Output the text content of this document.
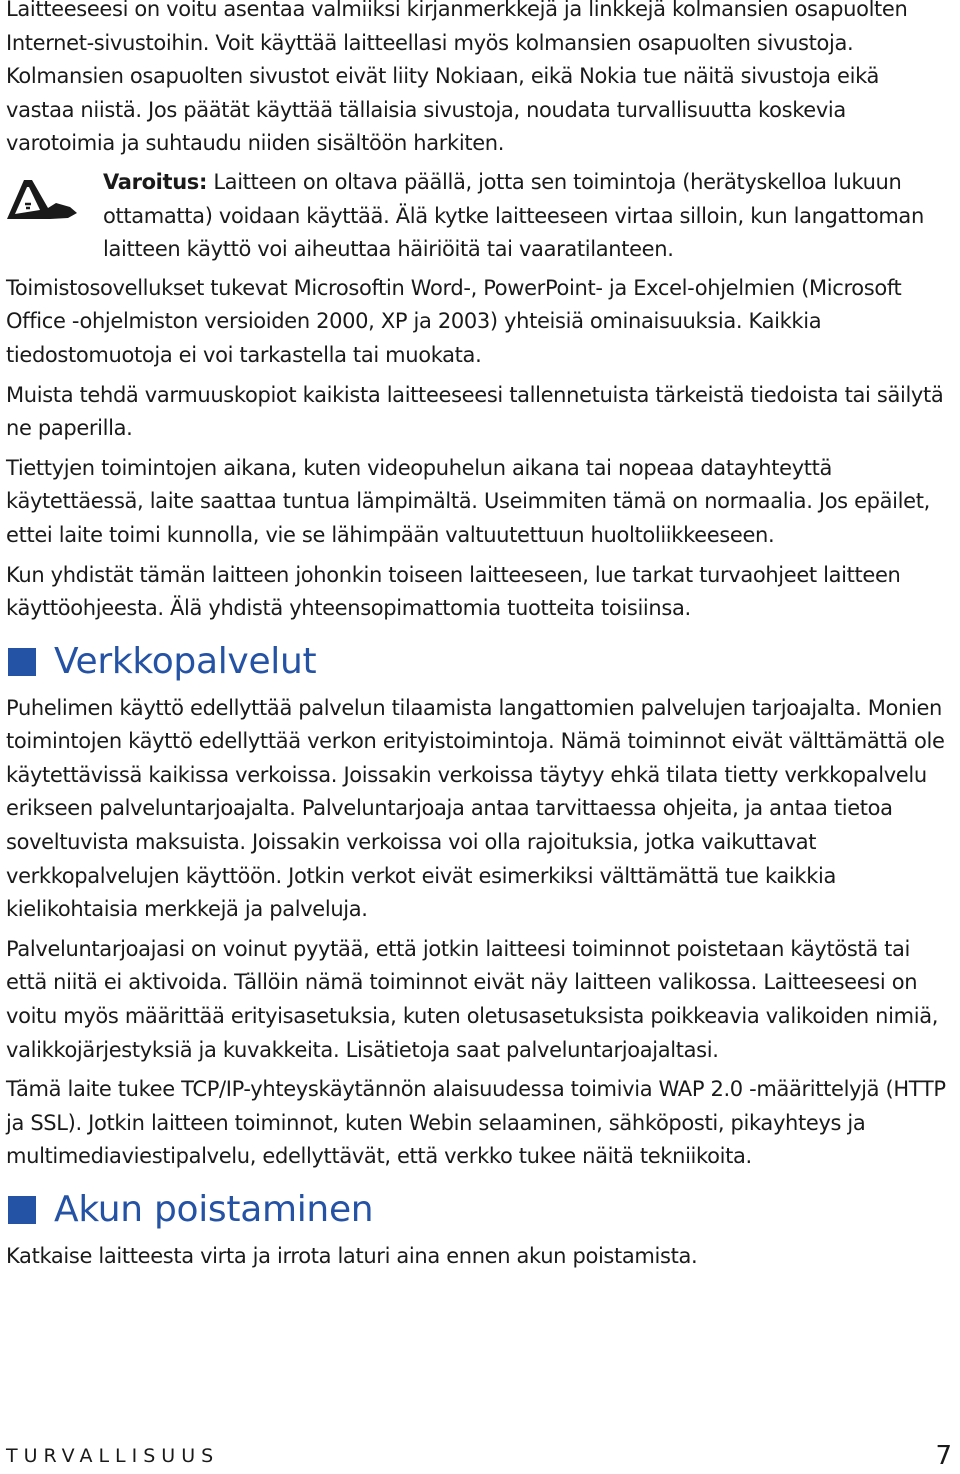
Laitteeseesi on voitu asentaa valmiiksi kirjanmerkkejä ja linkkejä kolmansien osapuolten Internet-sivustoihin. Voit käyttää laitteellasi myös kolmansien osapuolten sivustoja. Kolmansien osapuolten sivustot eivät liity Nokiaan, eikä Nokia tue näitä sivustoja eikä vastaa niistä. Jos päätät käyttää tällaisia sivustoja, noudata turvallisuutta koskevia varotoimia ja suhtaudu niiden sisältöön harkiten.

Varoitus: Laitteen on oltava päällä, jotta sen toimintoja (herätyskelloa lukuun ottamatta) voidaan käyttää. Älä kytke laitteeseen virtaa silloin, kun langattoman laitteen käyttö voi aiheuttaa häiriöitä tai vaaratilanteen.

Toimistosovellukset tukevat Microsoftin Word-, PowerPoint- ja Excel-ohjelmien (Microsoft Office -ohjelmiston versioiden 2000, XP ja 2003) yhteisiä ominaisuuksia. Kaikkia tiedostomuotoja ei voi tarkastella tai muokata.

Muista tehdä varmuuskopiot kaikista laitteeseesi tallennetuista tärkeistä tiedoista tai säilytä ne paperilla.

Tiettyjen toimintojen aikana, kuten videopuhelun aikana tai nopeaa datayhteyttä käytettäessä, laite saattaa tuntua lämpimältä. Useimmiten tämä on normaalia. Jos epäilet, ettei laite toimi kunnolla, vie se lähimpään valtuutettuun huoltoliikkeeseen.

Kun yhdistät tämän laitteen johonkin toiseen laitteeseen, lue tarkat turvaohjeet laitteen käyttöohjeesta. Älä yhdistä yhteensopimattomia tuotteita toisiinsa.

Verkkopalvelut

Puhelimen käyttö edellyttää palvelun tilaamista langattomien palvelujen tarjoajalta. Monien toimintojen käyttö edellyttää verkon erityistoimintoja. Nämä toiminnot eivät välttämättä ole käytettävissä kaikissa verkoissa. Joissakin verkoissa täytyy ehkä tilata tietty verkkopalvelu erikseen palveluntarjoajalta. Palveluntarjoaja antaa tarvittaessa ohjeita, ja antaa tietoa soveltuvista maksuista. Joissakin verkoissa voi olla rajoituksia, jotka vaikuttavat verkkopalvelujen käyttöön. Jotkin verkot eivät esimerkiksi välttämättä tue kaikkia kielikohtaisia merkkejä ja palveluja.

Palveluntarjoajasi on voinut pyytää, että jotkin laitteesi toiminnot poistetaan käytöstä tai että niitä ei aktivoida. Tällöin nämä toiminnot eivät näy laitteen valikossa. Laitteeseesi on voitu myös määrittää erityisasetuksia, kuten oletusasetuksista poikkeavia valikoiden nimiä, valikkojärjestyksiä ja kuvakkeita. Lisätietoja saat palveluntarjoajaltasi.

Tämä laite tukee TCP/IP-yhteyskäytännön alaisuudessa toimivia WAP 2.0 -määrittelyjä (HTTP ja SSL). Jotkin laitteen toiminnot, kuten Webin selaaminen, sähköposti, pikayhteys ja multimediaviestipalvelu, edellyttävät, että verkko tukee näitä tekniikoita.

Akun poistaminen

Katkaise laitteesta virta ja irrota laturi aina ennen akun poistamista.

TURVALLISUUS	7
